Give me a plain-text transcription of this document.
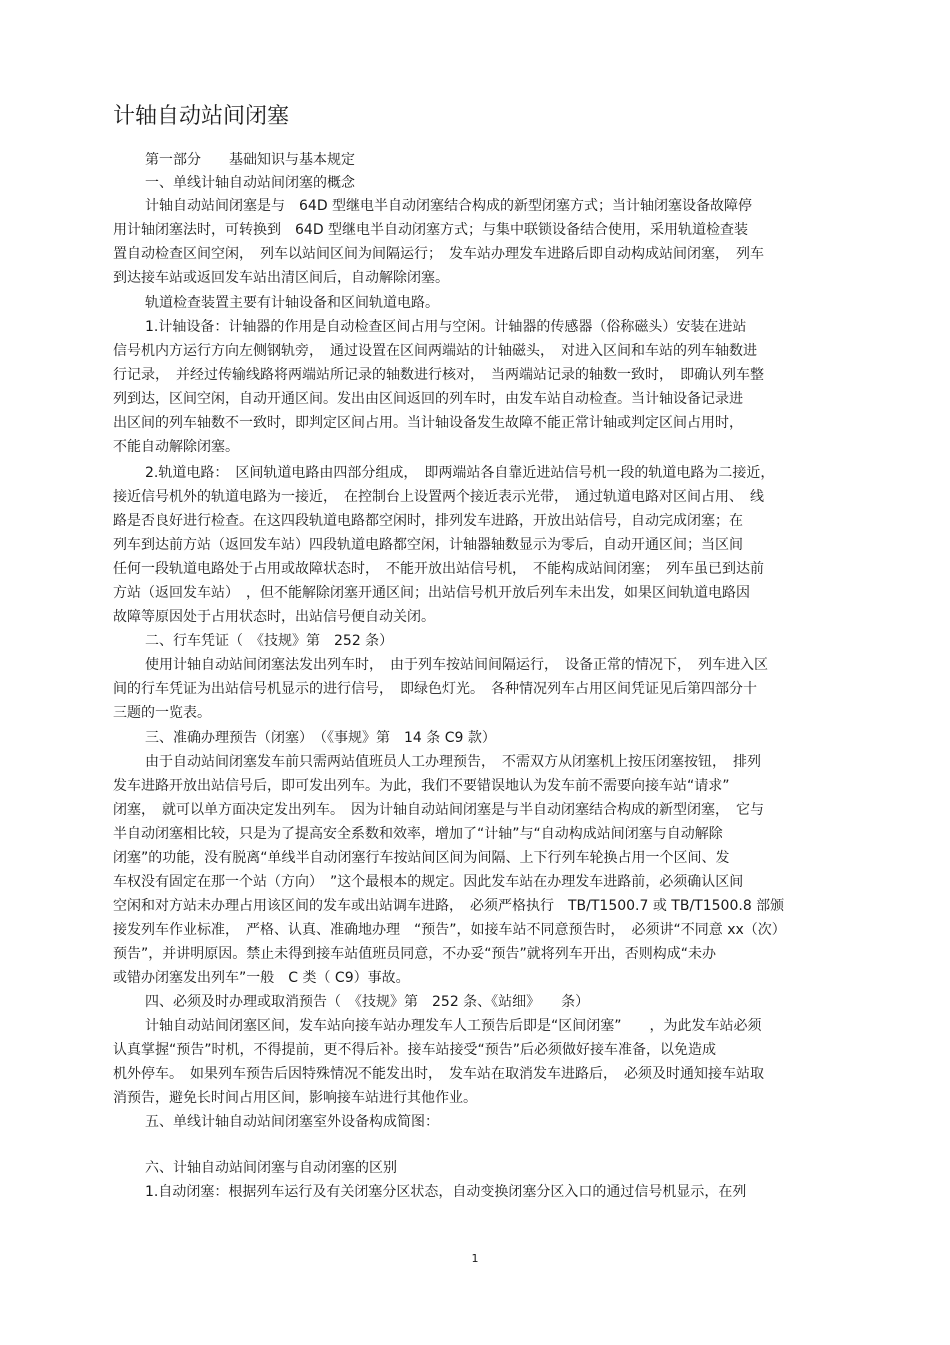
计轴自动站间闭塞
第一部分　　基础知识与基本规定
一、单线计轴自动站间闭塞的概念
计轴自动站间闭塞是与　64D 型继电半自动闭塞结合构成的新型闭塞方式；当计轴闭塞设备故障停
用计轴闭塞法时，可转换到　64D 型继电半自动闭塞方式；与集中联锁设备结合使用，采用轨道检查装
置自动检查区间空闲，　列车以站间区间为间隔运行；　发车站办理发车进路后即自动构成站间闭塞，　列车
到达接车站或返回发车站出清区间后，自动解除闭塞。
轨道检查装置主要有计轴设备和区间轨道电路。
1.计轴设备：计轴器的作用是自动检查区间占用与空闲。计轴器的传感器（俗称磁头）安装在进站
信号机内方运行方向左侧钢轨旁，　通过设置在区间两端站的计轴磁头，　对进入区间和车站的列车轴数进
行记录，　并经过传输线路将两端站所记录的轴数进行核对，　当两端站记录的轴数一致时，　即确认列车整
列到达，区间空闲，自动开通区间。发出由区间返回的列车时，由发车站自动检查。当计轴设备记录进
出区间的列车轴数不一致时，即判定区间占用。当计轴设备发生故障不能正常计轴或判定区间占用时，
不能自动解除闭塞。
2.轨道电路：　区间轨道电路由四部分组成，　即两端站各自靠近进站信号机一段的轨道电路为二接近，
接近信号机外的轨道电路为一接近，　在控制台上设置两个接近表示光带，　通过轨道电路对区间占用、　线
路是否良好进行检查。在这四段轨道电路都空闲时，排列发车进路，开放出站信号，自动完成闭塞；在
列车到达前方站（返回发车站）四段轨道电路都空闲，计轴器轴数显示为零后，自动开通区间；当区间
任何一段轨道电路处于占用或故障状态时，　不能开放出站信号机，　不能构成站间闭塞；　列车虽已到达前
方站（返回发车站）　，但不能解除闭塞开通区间；出站信号机开放后列车未出发，如果区间轨道电路因
故障等原因处于占用状态时，出站信号便自动关闭。
二、行车凭证（　《技规》第　252 条）
使用计轴自动站间闭塞法发出列车时，　由于列车按站间间隔运行，　设备正常的情况下，　列车进入区
间的行车凭证为出站信号机显示的进行信号，　即绿色灯光。　各种情况列车占用区间凭证见后第四部分十
三题的一览表。
三、准确办理预告（闭塞）　（《事规》第　14 条 C9 款）
由于自动站间闭塞发车前只需两站值班员人工办理预告，　不需双方从闭塞机上按压闭塞按钮，　排列
发车进路开放出站信号后，即可发出列车。为此，我们不要错误地认为发车前不需要向接车站“请求”
闭塞，　就可以单方面决定发出列车。　因为计轴自动站间闭塞是与半自动闭塞结合构成的新型闭塞，　它与
半自动闭塞相比较，只是为了提高安全系数和效率，增加了“计轴”与“自动构成站间闭塞与自动解除
闭塞”的功能，没有脱离“单线半自动闭塞行车按站间区间为间隔、上下行列车轮换占用一个区间、发
车权没有固定在那一个站（方向）　”这个最根本的规定。因此发车站在办理发车进路前，必须确认区间
空闲和对方站未办理占用该区间的发车或出站调车进路，　必须严格执行　TB/T1500.7 或 TB/T1500.8 部颁
接发列车作业标准，　严格、认真、准确地办理　“预告”，如接车站不同意预告时，　必须讲“不同意 xx（次）
预告”，并讲明原因。禁止未得到接车站值班员同意，不办妥“预告”就将列车开出，否则构成“未办
或错办闭塞发出列车”一般　C 类（ C9）事故。
四、必须及时办理或取消预告（　《技规》第　252 条、《站细》　　条）
计轴自动站间闭塞区间，发车站向接车站办理发车人工预告后即是“区间闭塞”　　，为此发车站必须
认真掌握“预告”时机，不得提前，更不得后补。接车站接受“预告”后必须做好接车准备，以免造成
机外停车。　如果列车预告后因特殊情况不能发出时，　发车站在取消发车进路后，　必须及时通知接车站取
消预告，避免长时间占用区间，影响接车站进行其他作业。
五、单线计轴自动站间闭塞室外设备构成简图：
六、计轴自动站间闭塞与自动闭塞的区别
1.自动闭塞：根据列车运行及有关闭塞分区状态，自动变换闭塞分区入口的通过信号机显示，在列
1
